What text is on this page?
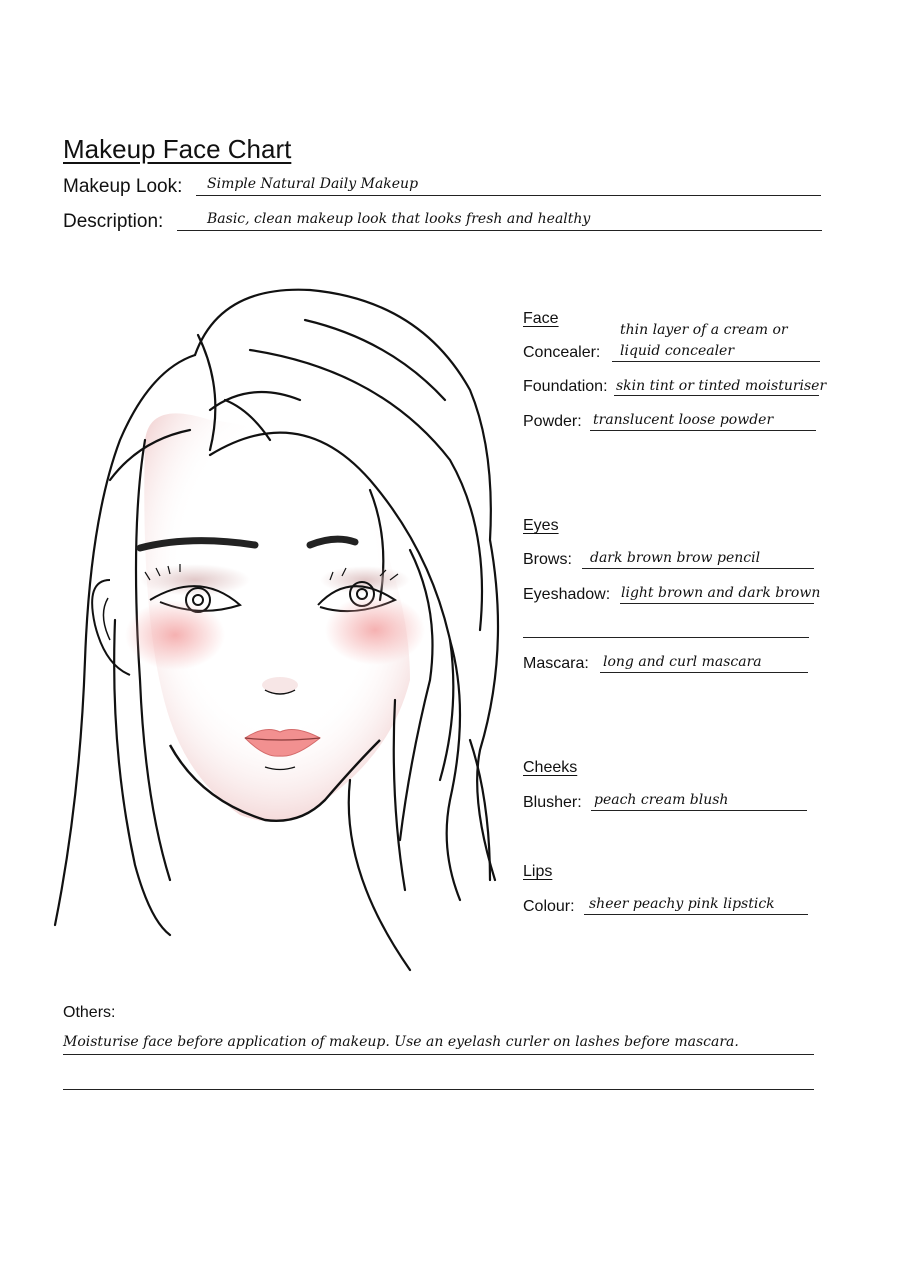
Makeup Face Chart
Makeup Look: Simple Natural Daily Makeup
Description:	Basic, clean makeup look that looks fresh and healthy
Face
thin layer of a cream or
Concealer: liquid concealer
Foundation: skin tint or tinted moisturiser
Powder: translucent loose powder
Eyes
Brows: dark brown brow pencil
Eyeshadow: light brown and dark brown
Mascara: long and curl mascara
Cheeks
Blusher: peach cream blush
Lips
Colour: sheer peachy pink lipstick
Others:
Moisturise face before application of makeup. Use an eyelash curler on lashes before mascara.
